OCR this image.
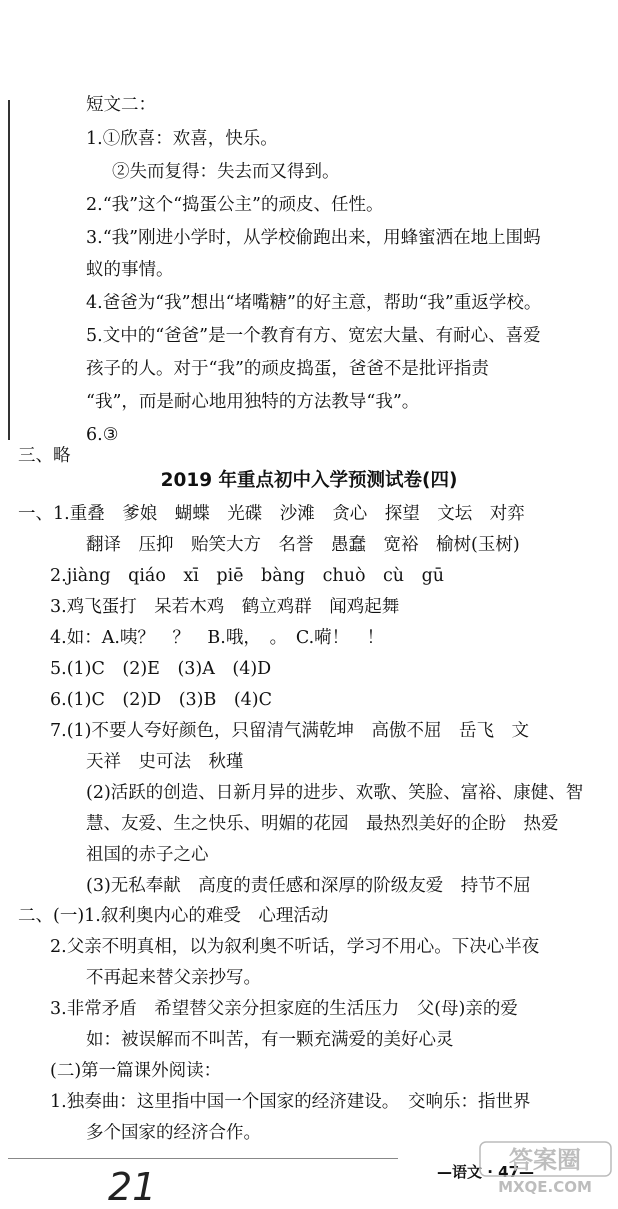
短文二：
1.①欣喜：欢喜，快乐。
②失而复得：失去而又得到。
2.“我”这个“捣蛋公主”的顽皮、任性。
3.“我”刚进小学时，从学校偷跑出来，用蜂蜜洒在地上围蚂
蚁的事情。
4.爸爸为“我”想出“堵嘴糖”的好主意，帮助“我”重返学校。
5.文中的“爸爸”是一个教育有方、宽宏大量、有耐心、喜爱
孩子的人。对于“我”的顽皮捣蛋，爸爸不是批评指责
“我”，而是耐心地用独特的方法教导“我”。
6.③
三、略
2019 年重点初中入学预测试卷(四)
一、1.重叠　爹娘　蝴蝶　光碟　沙滩　贪心　探望　文坛　对弈
翻译　压抑　贻笑大方　名誉　愚蠢　宽裕　榆树(玉树)
2.jiàng　qiáo　xī　piē　bàng　chuò　cù　gū
3.鸡飞蛋打　呆若木鸡　鹤立鸡群　闻鸡起舞
4.如：A.咦？　？　B.哦，　。　C.嗬！　！
5.(1)C　(2)E　(3)A　(4)D
6.(1)C　(2)D　(3)B　(4)C
7.(1)不要人夸好颜色，只留清气满乾坤　高傲不屈　岳飞　文
天祥　史可法　秋瑾
(2)活跃的创造、日新月异的进步、欢歌、笑脸、富裕、康健、智
慧、友爱、生之快乐、明媚的花园　最热烈美好的企盼　热爱
祖国的赤子之心
(3)无私奉献　高度的责任感和深厚的阶级友爱　持节不屈
二、(一)1.叙利奥内心的难受　心理活动
2.父亲不明真相，以为叙利奥不听话，学习不用心。下决心半夜
不再起来替父亲抄写。
3.非常矛盾　希望替父亲分担家庭的生活压力　父(母)亲的爱
如：被误解而不叫苦，有一颗充满爱的美好心灵
(二)第一篇课外阅读：
1.独奏曲：这里指中国一个国家的经济建设。　交响乐：指世界
多个国家的经济合作。
21	—语文 · 47—
答案圈
MXQE.COM
